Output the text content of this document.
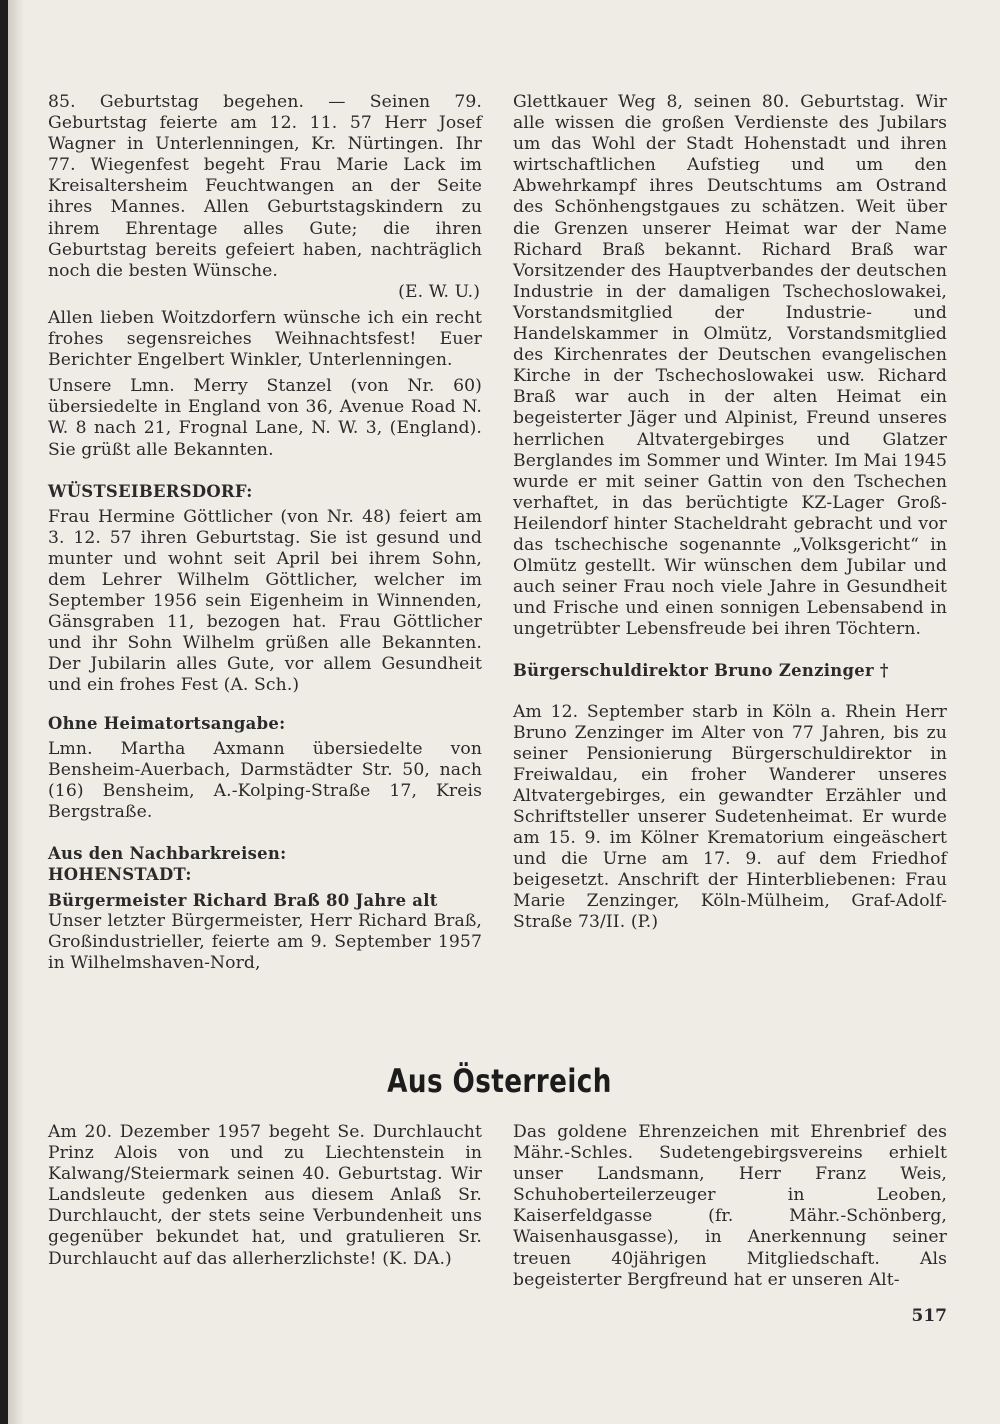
85. Geburtstag begehen. — Seinen 79. Geburtstag feierte am 12. 11. 57 Herr Josef Wagner in Unterlenningen, Kr. Nürtingen. Ihr 77. Wiegenfest begeht Frau Marie Lack im Kreisaltersheim Feuchtwangen an der Seite ihres Mannes. Allen Geburtstagskindern zu ihrem Ehrentage alles Gute; die ihren Geburtstag bereits gefeiert haben, nachträglich noch die besten Wünsche.

(E. W. U.)

Allen lieben Woitzdorfern wünsche ich ein recht frohes segensreiches Weihnachtsfest! Euer Berichter Engelbert Winkler, Unterlenningen.

Unsere Lmn. Merry Stanzel (von Nr. 60) übersiedelte in England von 36, Avenue Road N. W. 8 nach 21, Frognal Lane, N. W. 3, (England). Sie grüßt alle Bekannten.

WÜSTSEIBERSDORF:

Frau Hermine Göttlicher (von Nr. 48) feiert am 3. 12. 57 ihren Geburtstag. Sie ist gesund und munter und wohnt seit April bei ihrem Sohn, dem Lehrer Wilhelm Göttlicher, welcher im September 1956 sein Eigenheim in Winnenden, Gänsgraben 11, bezogen hat. Frau Göttlicher und ihr Sohn Wilhelm grüßen alle Bekannten. Der Jubilarin alles Gute, vor allem Gesundheit und ein frohes Fest (A. Sch.)

Ohne Heimatortsangabe:

Lmn. Martha Axmann übersiedelte von Bensheim-Auerbach, Darmstädter Str. 50, nach (16) Bensheim, A.-Kolping-Straße 17, Kreis Bergstraße.

Aus den Nachbarkreisen:

HOHENSTADT:

Bürgermeister Richard Braß 80 Jahre alt

Unser letzter Bürgermeister, Herr Richard Braß, Großindustrieller, feierte am 9. September 1957 in Wilhelmshaven-Nord,

Glettkauer Weg 8, seinen 80. Geburtstag. Wir alle wissen die großen Verdienste des Jubilars um das Wohl der Stadt Hohenstadt und ihren wirtschaftlichen Aufstieg und um den Abwehrkampf ihres Deutschtums am Ostrand des Schönhengstgaues zu schätzen. Weit über die Grenzen unserer Heimat war der Name Richard Braß bekannt. Richard Braß war Vorsitzender des Hauptverbandes der deutschen Industrie in der damaligen Tschechoslowakei, Vorstandsmitglied der Industrie- und Handelskammer in Olmütz, Vorstandsmitglied des Kirchenrates der Deutschen evangelischen Kirche in der Tschechoslowakei usw. Richard Braß war auch in der alten Heimat ein begeisterter Jäger und Alpinist, Freund unseres herrlichen Altvatergebirges und Glatzer Berglandes im Sommer und Winter. Im Mai 1945 wurde er mit seiner Gattin von den Tschechen verhaftet, in das berüchtigte KZ-Lager Groß-Heilendorf hinter Stacheldraht gebracht und vor das tschechische sogenannte „Volksgericht“ in Olmütz gestellt. Wir wünschen dem Jubilar und auch seiner Frau noch viele Jahre in Gesundheit und Frische und einen sonnigen Lebensabend in ungetrübter Lebensfreude bei ihren Töchtern.

Bürgerschuldirektor Bruno Zenzinger †

Am 12. September starb in Köln a. Rhein Herr Bruno Zenzinger im Alter von 77 Jahren, bis zu seiner Pensionierung Bürgerschuldirektor in Freiwaldau, ein froher Wanderer unseres Altvatergebirges, ein gewandter Erzähler und Schriftsteller unserer Sudetenheimat. Er wurde am 15. 9. im Kölner Krematorium eingeäschert und die Urne am 17. 9. auf dem Friedhof beigesetzt. Anschrift der Hinterbliebenen: Frau Marie Zenzinger, Köln-Mülheim, Graf-Adolf-Straße 73/II. (P.)

Aus Österreich

Am 20. Dezember 1957 begeht Se. Durchlaucht Prinz Alois von und zu Liechtenstein in Kalwang/Steiermark seinen 40. Geburtstag. Wir Landsleute gedenken aus diesem Anlaß Sr. Durchlaucht, der stets seine Verbundenheit uns gegenüber bekundet hat, und gratulieren Sr. Durchlaucht auf das allerherzlichste! (K. DA.)

Das goldene Ehrenzeichen mit Ehrenbrief des Mähr.-Schles. Sudetengebirgsvereins erhielt unser Landsmann, Herr Franz Weis, Schuhoberteilerzeuger in Leoben, Kaiserfeldgasse (fr. Mähr.-Schönberg, Waisenhausgasse), in Anerkennung seiner treuen 40jährigen Mitgliedschaft. Als begeisterter Bergfreund hat er unseren Alt-

517
